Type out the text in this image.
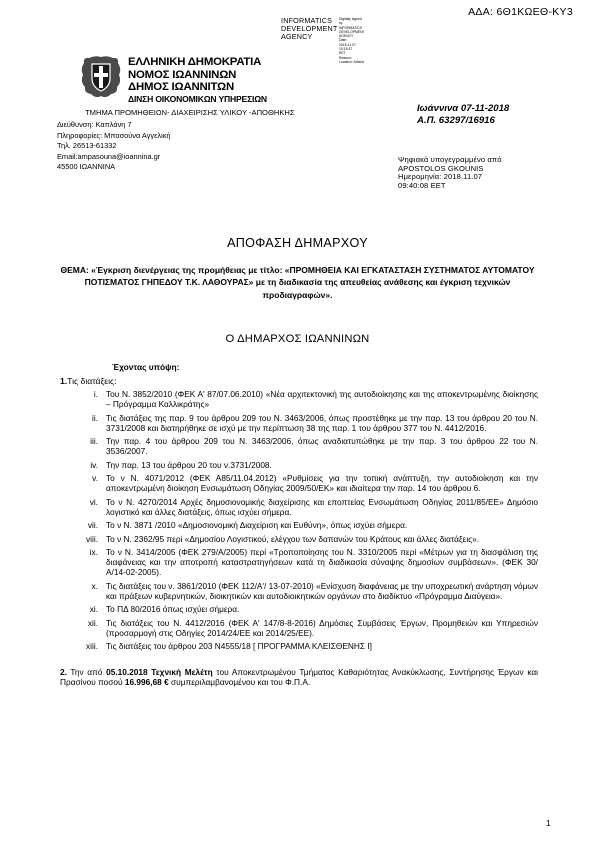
ΑΔΑ: 6Θ1ΚΩΕΘ-ΚΥ3
INFORMATICS
DEVELOPMENT
AGENCY
Digitally signed by
INFORMATICS
DEVELOPMENT AGENCY
Date: 2018.11.07 10:15:37
EET
Reason:
Location: Athens
ΕΛΛΗΝΙΚΗ ΔΗΜΟΚΡΑΤΙΑ
ΝΟΜΟΣ ΙΩΑΝΝΙΝΩΝ
ΔΗΜΟΣ ΙΩΑΝΝΙΤΩΝ
ΔΙΝΣΗ ΟΙΚΟΝΟΜΙΚΩΝ ΥΠΗΡΕΣΙΩΝ
ΤΜΗΜΑ ΠΡΟΜΗΘΕΙΩΝ- ΔΙΑΧΕΙΡΙΣΗΣ ΥΛΙΚΟΥ -ΑΠΟΘΗΚΗΣ
Διεύθυνση: Καπλάνη 7
Πληροφορίες: Μπασούνα Αγγελική
Τηλ. 26513-61332
Email:ampasouna@ioannina.gr
45500 ΙΩΑΝΝΙΝΑ
Ιωάννινα 07-11-2018
Α.Π. 63297/16916
Ψηφιακά υπογεγραμμένο από
APOSTOLOS GKOUNIS
Ημερομηνία: 2018.11.07
09:40:08 EET
ΑΠΟΦΑΣΗ ΔΗΜΑΡΧΟΥ
ΘΕΜΑ: «Έγκριση διενέργειας της προμήθειας με τίτλο: «ΠΡΟΜΗΘΕΙΑ ΚΑΙ ΕΓΚΑΤΑΣΤΑΣΗ ΣΥΣΤΗΜΑΤΟΣ ΑΥΤΟΜΑΤΟΥ ΠΟΤΙΣΜΑΤΟΣ ΓΗΠΕΔΟΥ Τ.Κ. ΛΑΘΟΥΡΑΣ» με τη διαδικασία της απευθείας ανάθεσης και έγκριση τεχνικών προδιαγραφών».
Ο ΔΗΜΑΡΧΟΣ ΙΩΑΝΝΙΝΩΝ
Έχοντας υπόψη:
1.Τις διατάξεις:
i. Του Ν. 3852/2010 (ΦΕΚ Α' 87/07.06.2010) «Νέα αρχιτεκτονική της αυτοδιοίκησης και της αποκεντρωμένης διοίκησης – Πρόγραμμα Καλλικράτης»
ii. Τις διατάξεις της παρ. 9 του άρθρου 209 του Ν. 3463/2006, όπως προστέθηκε με την παρ. 13 του άρθρου 20 του Ν. 3731/2008 και διατηρήθηκε σε ισχύ με την περίπτωση 38 της παρ. 1 του άρθρου 377 του Ν. 4412/2016.
iii. Την παρ. 4 του άρθρου 209 του Ν. 3463/2006, όπως αναδιατυπώθηκε με την παρ. 3 του άρθρου 22 του Ν. 3536/2007.
iv. Την παρ. 13 του άρθρου 20 του ν.3731/2008.
v. Το ν Ν. 4071/2012 (ΦΕΚ Α85/11.04.2012) «Ρυθμίσεις για την τοπική ανάπτυξη, την αυτοδιοίκηση και την αποκεντρωμένη διοίκηση Ενσωμάτωση Οδηγίας 2009/50/ΕΚ» και ιδιαίτερα την παρ. 14 του άρθρου 6.
vi. Το ν Ν. 4270/2014 Αρχές δημοσιονομικής διαχείρισης και εποπτείας Ενσωμάτωση Οδηγίας 2011/85/ΕΕ» Δημόσιο λογιστικό και άλλες διατάξεις, όπως ισχύει σήμερα.
vii. Το ν Ν. 3871 /2010 «Δημοσιονομική Διαχείριση και Ευθύνη», όπως ισχύει σήμερα.
viii. Το ν Ν. 2362/95 περί «Δημοσίου Λογιστικού, ελέγχου των δαπανών του Κράτους και άλλες διατάξεις».
ix. Το ν Ν. 3414/2005 (ΦΕΚ 279/Α/2005) περί «Τροποποίησης του Ν. 3310/2005 περί «Μέτρων για τη διασφάλιση της διαφάνειας και την αποτροπή καταστρατηγήσεων κατά τη διαδικασία σύναψης δημοσίων συμβάσεων». (ΦΕΚ 30/Α/14-02-2005).
x. Τις διατάξεις του ν. 3861/2010 (ΦΕΚ 112/Α'/ 13-07-2010) «Ενίσχυση διαφάνειας με την υποχρεωτική ανάρτηση νόμων και πράξεων κυβερνητικών, διοικητικών και αυτοδιοικητικών οργάνων στο διαδίκτυο «Πρόγραμμα Διαύγεια».
xi. Το ΠΔ 80/2016 όπως ισχύει σήμερα.
xii. Τις διατάξεις του Ν. 4412/2016 (ΦΕΚ Α' 147/8-8-2016) Δημόσιες Συμβάσεις Έργων, Προμηθειών και Υπηρεσιών (προσαρμογή στις Οδηγίες 2014/24/ΕΕ και 2014/25/ΕΕ).
xiii. Τις διατάξεις του άρθρου 203 Ν4555/18 [ ΠΡΟΓΡΑΜΜΑ ΚΛΕΙΣΘΕΝΗΣ Ι]
2. Την από 05.10.2018 Τεχνική Μελέτη του Αποκεντρωμένου Τμήματος Καθαριότητας Ανακύκλωσης, Συντήρησης Έργων και Πρασίνου ποσού 16.996,68 € συμπεριλαμβανομένου και του Φ.Π.Α.
1
